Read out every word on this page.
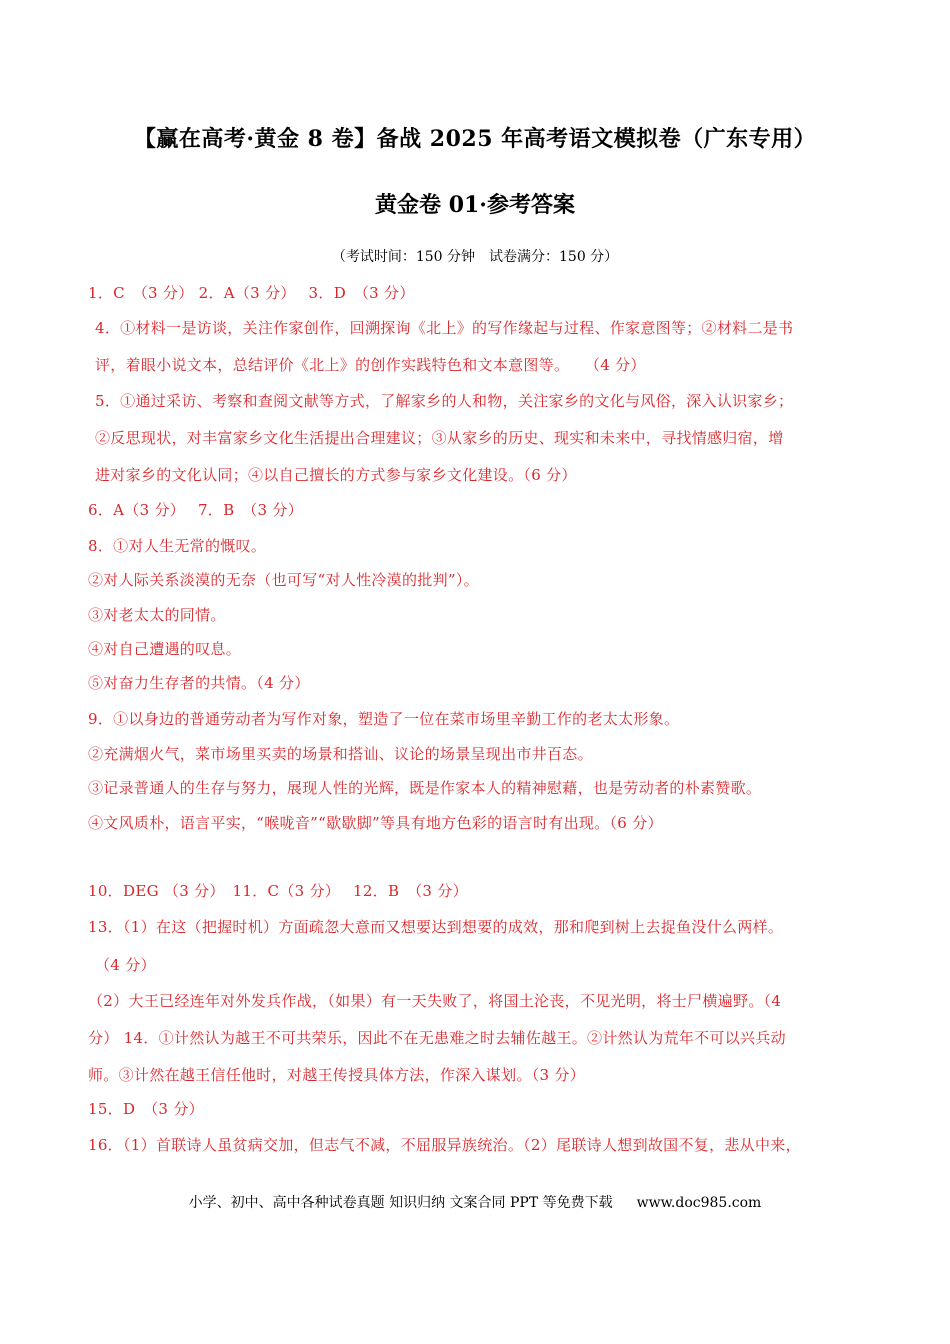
【赢在高考·黄金 8 卷】备战 2025 年高考语文模拟卷（广东专用）
黄金卷 01·参考答案
（考试时间：150 分钟　试卷满分：150 分）
1．C　（3 分） 2．A（3 分）　 3．D　（3 分）
4．①材料一是访谈，关注作家创作，回溯探询《北上》的写作缘起与过程、作家意图等；②材料二是书
评，着眼小说文本，总结评价《北上》的创作实践特色和文本意图等。　　（4 分）
5．①通过采访、考察和查阅文献等方式，了解家乡的人和物，关注家乡的文化与风俗，深入认识家乡；
②反思现状，对丰富家乡文化生活提出合理建议；③从家乡的历史、现实和未来中，寻找情感归宿，增
进对家乡的文化认同；④以自己擅长的方式参与家乡文化建设。（6 分）
6．A（3 分）　 7．B　（3 分）
8．①对人生无常的慨叹。
②对人际关系淡漠的无奈（也可写“对人性冷漠的批判”）。
③对老太太的同情。
④对自己遭遇的叹息。
⑤对奋力生存者的共情。（4 分）
9．①以身边的普通劳动者为写作对象，塑造了一位在菜市场里辛勤工作的老太太形象。
②充满烟火气，菜市场里买卖的场景和搭讪、议论的场景呈现出市井百态。
③记录普通人的生存与努力，展现人性的光辉，既是作家本人的精神慰藉，也是劳动者的朴素赞歌。
④文风质朴，语言平实，“喉咙音”“歇歇脚”等具有地方色彩的语言时有出现。（6 分）
10．DEG （3 分）　11．C（3 分）　 12．B　（3 分）
13．（1）在这（把握时机）方面疏忽大意而又想要达到想要的成效，那和爬到树上去捉鱼没什么两样。
（4 分）
（2）大王已经连年对外发兵作战，（如果）有一天失败了，将国土沦丧，不见光明，将士尸横遍野。（4
分） 14．①计然认为越王不可共荣乐，因此不在无患难之时去辅佐越王。②计然认为荒年不可以兴兵动
师。③计然在越王信任他时，对越王传授具体方法，作深入谋划。（3 分）
15．D　（3 分）
16．（1）首联诗人虽贫病交加，但志气不减，不屈服异族统治。（2）尾联诗人想到故国不复，悲从中来，
小学、初中、高中各种试卷真题 知识归纳 文案合同 PPT 等免费下载 www.doc985.com
